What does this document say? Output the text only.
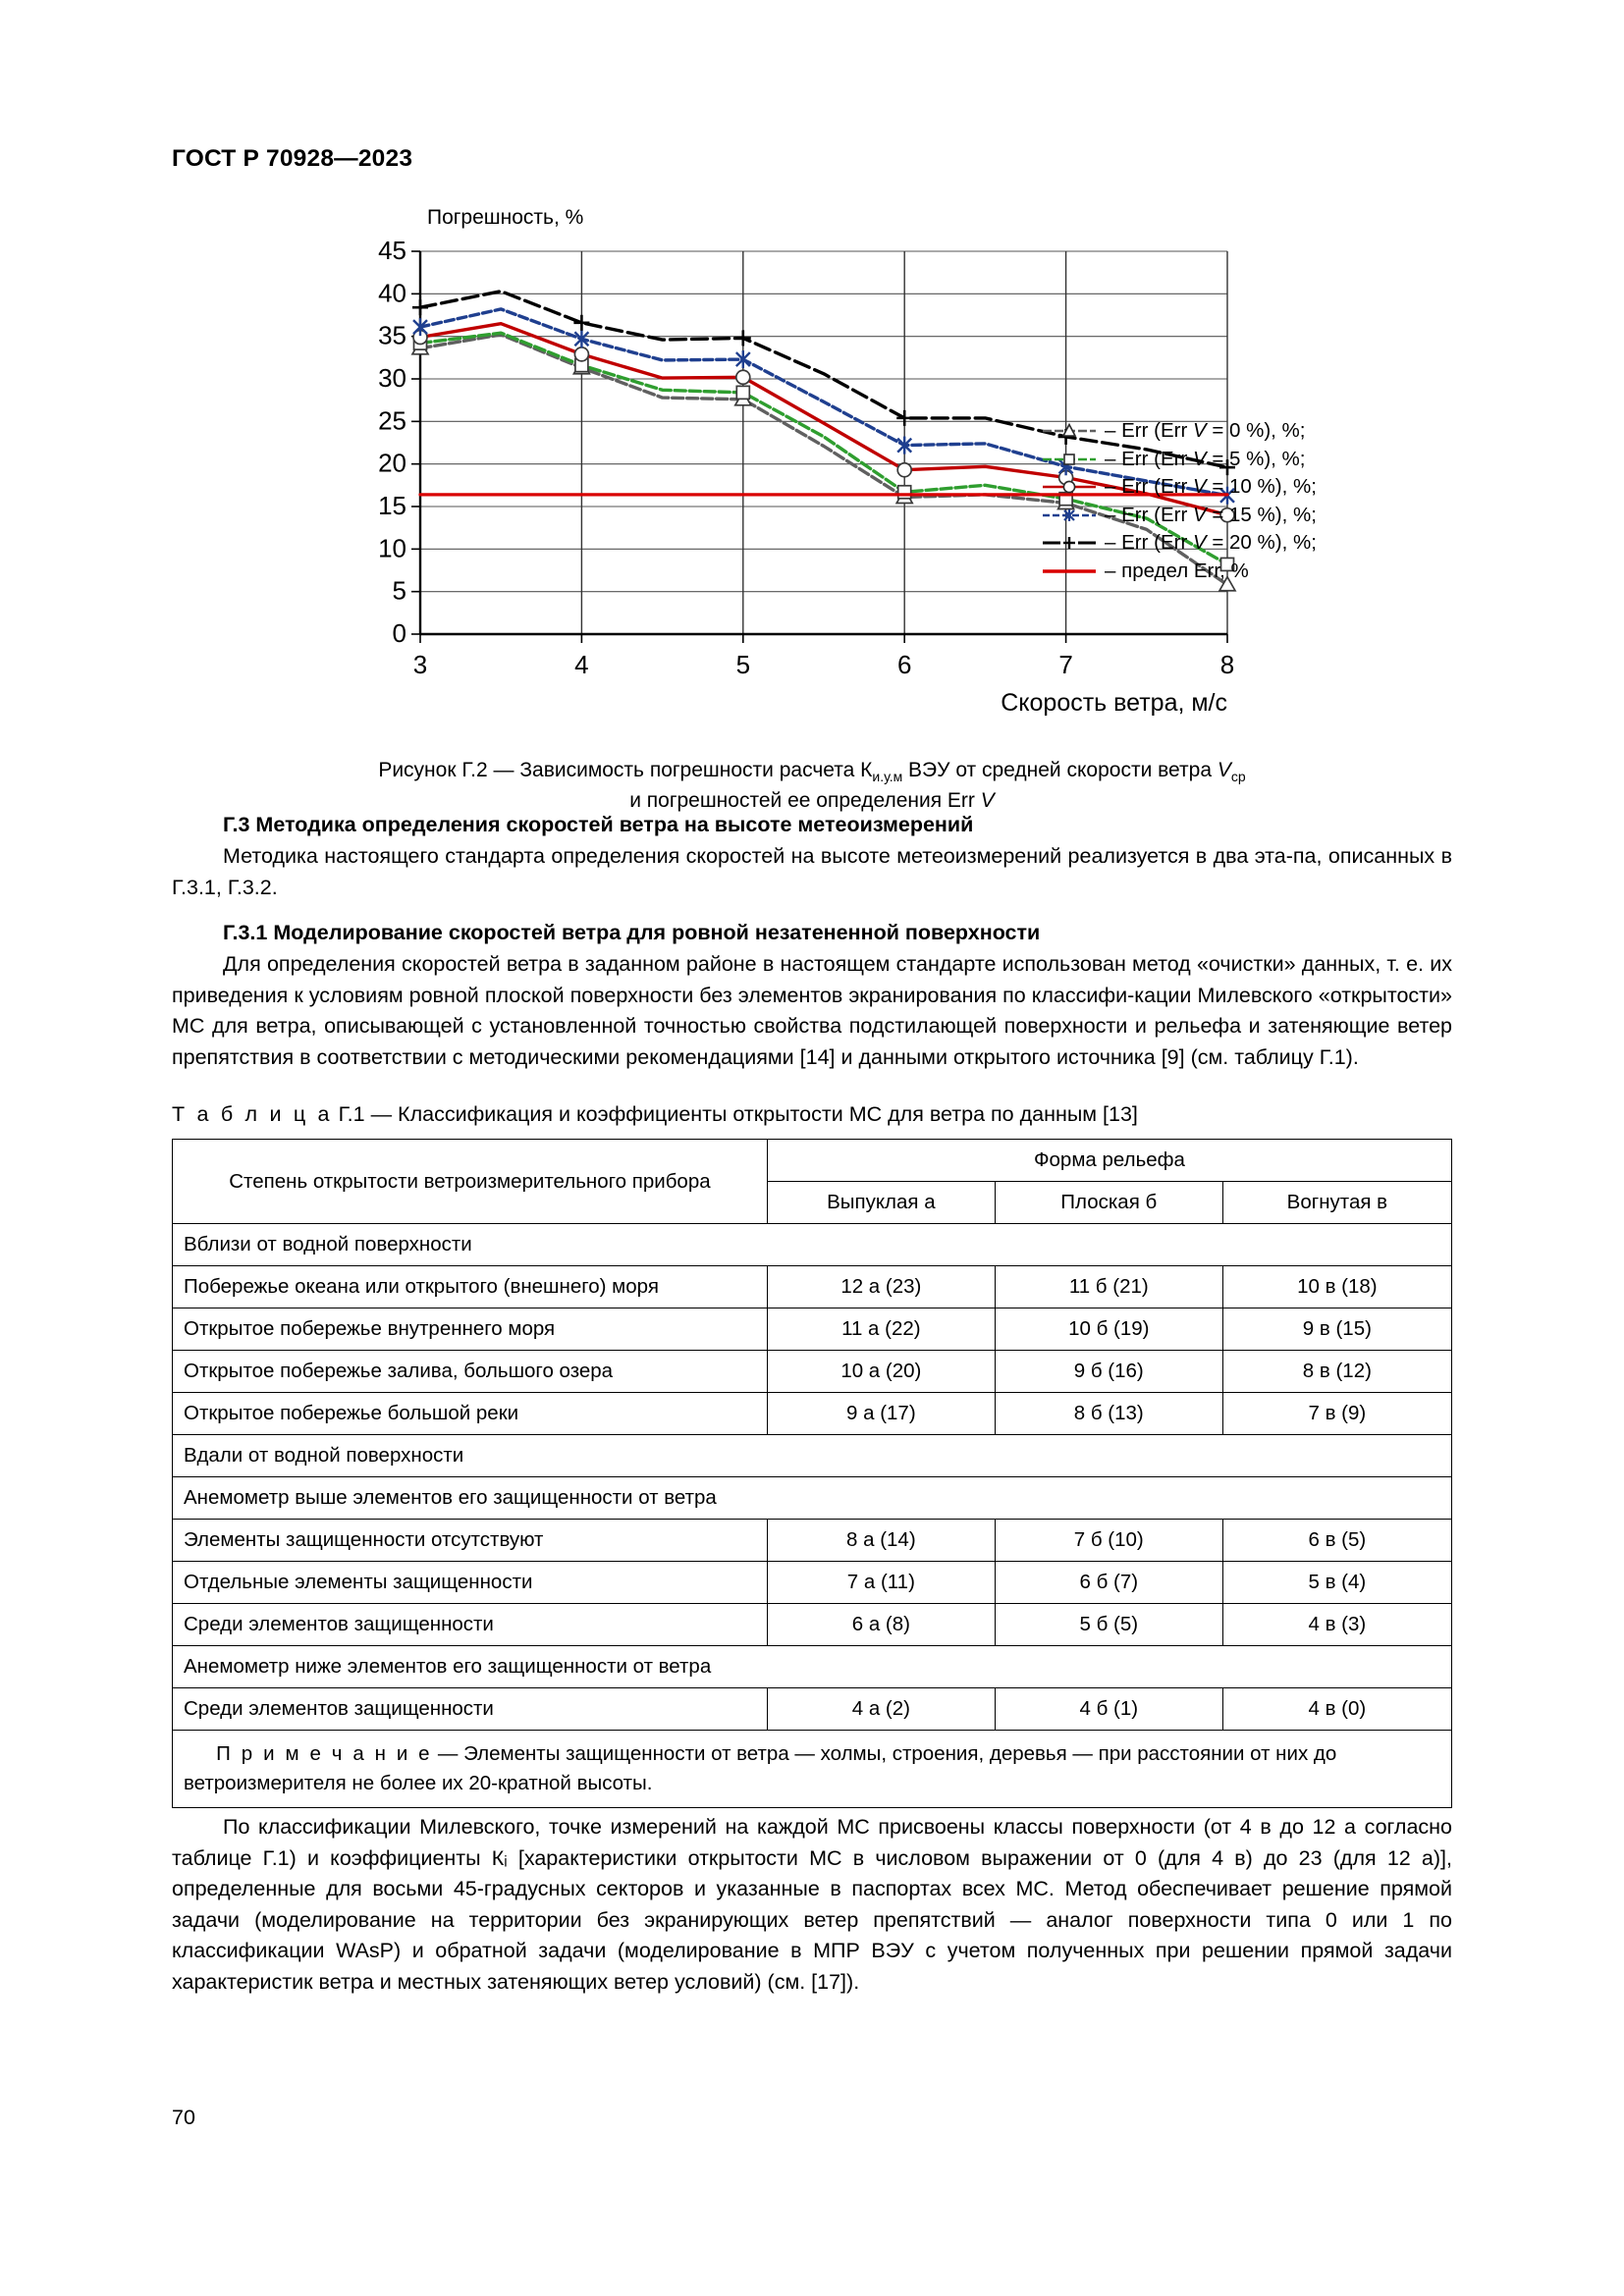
ГОСТ Р 70928—2023
Погрешность, %
0
5
10
15
20
25
30
35
40
45
3	4	5	6	7	8
Скорость ветра, м/с
– Err (Err V = 0 %), %;
– Err (Err V = 5 %), %;
– Err (Err V = 10 %), %;
– Err (Err V = 15 %), %;
– Err (Err V = 20 %), %;
– предел Err, %
Рисунок Г.2 — Зависимость погрешности расчета $К_{и.у.м}$ ВЭУ от средней скорости ветра $V_{ср}$
и погрешностей ее определения Err V
Г.3 Методика определения скоростей ветра на высоте метеоизмерений

Методика настоящего стандарта определения скоростей на высоте метеоизмерений реализуется в два эта-па, описанных в Г.3.1, Г.3.2.

Г.3.1 Моделирование скоростей ветра для ровной незатененной поверхности

Для определения скоростей ветра в заданном районе в настоящем стандарте использован метод «очистки» данных, т. е. их приведения к условиям ровной плоской поверхности без элементов экранирования по классифи-кации Милевского «открытости» МС для ветра, описывающей с установленной точностью свойства подстилающей поверхности и рельефа и затеняющие ветер препятствия в соответствии с методическими рекомендациями [14] и данными открытого источника [9] (см. таблицу Г.1).

Т а б л и ц а Г.1 — Классификация и коэффициенты открытости МС для ветра по данным [13]
Степень открытости ветроизмерительного прибора	Форма рельефа		
	Выпуклая а	Плоская б	Вогнутая в
Вблизи от водной поверхности			
Побережье океана или открытого (внешнего) моря	12 а (23)	11 б (21)	10 в (18)
Открытое побережье внутреннего моря	11 а (22)	10 б (19)	9 в (15)
Открытое побережье залива, большого озера	10 а (20)	9 б (16)	8 в (12)
Открытое побережье большой реки	9 а (17)	8 б (13)	7 в (9)
Вдали от водной поверхности			
Анемометр выше элементов его защищенности от ветра			
Элементы защищенности отсутствуют	8 а (14)	7 б (10)	6 в (5)
Отдельные элементы защищенности	7 а (11)	6 б (7)	5 в (4)
Среди элементов защищенности	6 а (8)	5 б (5)	4 в (3)
Анемометр ниже элементов его защищенности от ветра			
Среди элементов защищенности	4 а (2)	4 б (1)	4 в (0)
П р и м е ч а н и е — Элементы защищенности от ветра — холмы, строения, деревья — при расстоянии от них до ветроизмерителя не более их 20-кратной высоты.			

По классификации Милевского, точке измерений на каждой МС присвоены классы поверхности (от 4 в до 12 а согласно таблице Г.1) и коэффициенты Кᵢ [характеристики открытости МС в числовом выражении от 0 (для 4 в) до 23 (для 12 а)], определенные для восьми 45-градусных секторов и указанные в паспортах всех МС. Метод обеспечивает решение прямой задачи (моделирование на территории без экранирующих ветер препятствий — аналог поверхности типа 0 или 1 по классификации WAsP) и обратной задачи (моделирование в МПР ВЭУ с учетом полученных при решении прямой задачи характеристик ветра и местных затеняющих ветер условий) (см. [17]).

70
